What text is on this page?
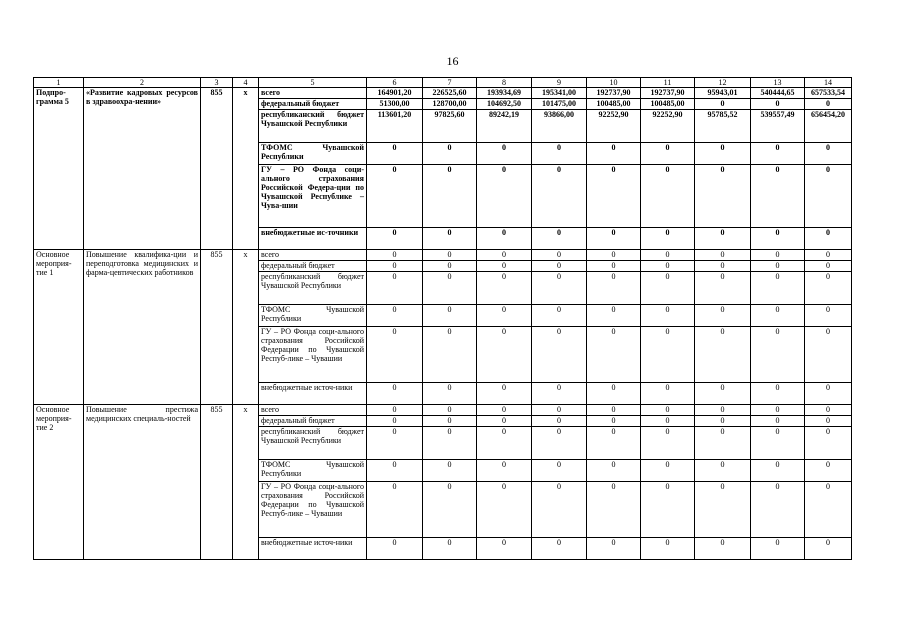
16
1	2	3	4	5	6	7	8	9	10	11	12	13	14
Подпро-грамма 5	«Развитие кадровых ресурсов в здравоохра-нении»	855	x	всего	164901,20	226525,60	193934,69	195341,00	192737,90	192737,90	95943,01	540444,65	657533,54
				федеральный бюджет	51300,00	128700,00	104692,50	101475,00	100485,00	100485,00	0	0	0
				республиканский бюджет Чувашской Республики	113601,20	97825,60	89242,19	93866,00	92252,90	92252,90	95785,52	539557,49	656454,20
				ТФОМС Чувашской Республики	0	0	0	0	0	0	0	0	0
				ГУ – РО Фонда соци-ального страхования Российской Федера-ции по Чувашской Республике – Чува-шии	0	0	0	0	0	0	0	0	0
				внебюджетные ис-точники	0	0	0	0	0	0	0	0	0
Основное мероприя-тие 1	Повышение квалифика-ции и переподготовка медицинских и фарма-цевтических работников	855	x	всего	0	0	0	0	0	0	0	0	0
				федеральный бюджет	0	0	0	0	0	0	0	0	0
				республиканский бюджет Чувашской Республики	0	0	0	0	0	0	0	0	0
				ТФОМС Чувашской Республики	0	0	0	0	0	0	0	0	0
				ГУ – РО Фонда соци-ального страхования Российской Федерации по Чувашской Респуб-лике – Чувашии	0	0	0	0	0	0	0	0	0
				внебюджетные источ-ники	0	0	0	0	0	0	0	0	0
Основное мероприя-тие 2	Повышение престижа медицинских специаль-ностей	855	x	всего	0	0	0	0	0	0	0	0	0
				федеральный бюджет	0	0	0	0	0	0	0	0	0
				республиканский бюджет Чувашской Республики	0	0	0	0	0	0	0	0	0
				ТФОМС Чувашской Республики	0	0	0	0	0	0	0	0	0
				ГУ – РО Фонда соци-ального страхования Российской Федерации по Чувашской Респуб-лике – Чувашии	0	0	0	0	0	0	0	0	0
				внебюджетные источ-ники	0	0	0	0	0	0	0	0	0
